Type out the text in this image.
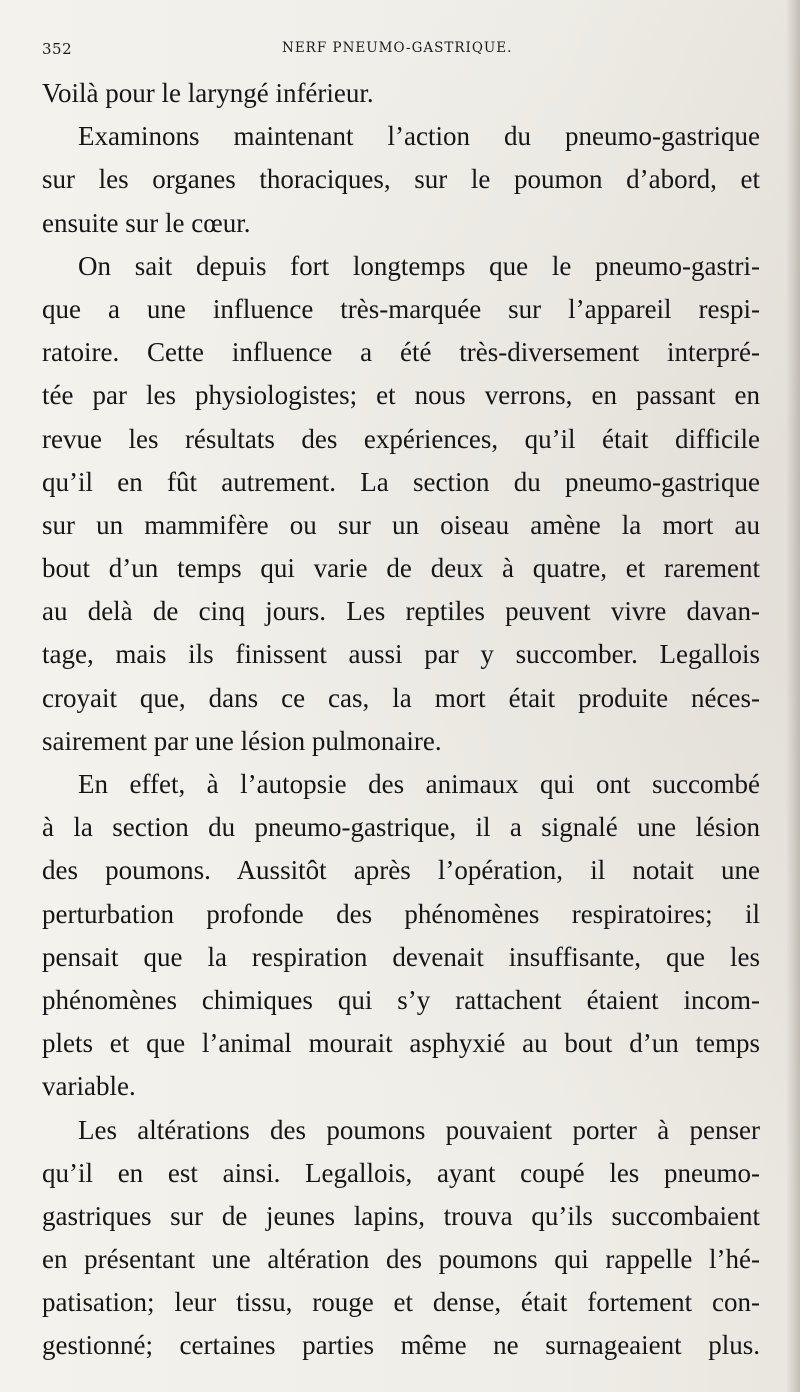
352	NERF PNEUMO-GASTRIQUE.
Voilà pour le laryngé inférieur.
Examinons maintenant l’action du pneumo-gastrique
sur les organes thoraciques, sur le poumon d’abord, et
ensuite sur le cœur.
On sait depuis fort longtemps que le pneumo-gastri-
que a une influence très-marquée sur l’appareil respi-
ratoire. Cette influence a été très-diversement interpré-
tée par les physiologistes; et nous verrons, en passant en
revue les résultats des expériences, qu’il était difficile
qu’il en fût autrement. La section du pneumo-gastrique
sur un mammifère ou sur un oiseau amène la mort au
bout d’un temps qui varie de deux à quatre, et rarement
au delà de cinq jours. Les reptiles peuvent vivre davan-
tage, mais ils finissent aussi par y succomber. Legallois
croyait que, dans ce cas, la mort était produite néces-
sairement par une lésion pulmonaire.
En effet, à l’autopsie des animaux qui ont succombé
à la section du pneumo-gastrique, il a signalé une lésion
des poumons. Aussitôt après l’opération, il notait une
perturbation profonde des phénomènes respiratoires; il
pensait que la respiration devenait insuffisante, que les
phénomènes chimiques qui s’y rattachent étaient incom-
plets et que l’animal mourait asphyxié au bout d’un temps
variable.
Les altérations des poumons pouvaient porter à penser
qu’il en est ainsi. Legallois, ayant coupé les pneumo-
gastriques sur de jeunes lapins, trouva qu’ils succombaient
en présentant une altération des poumons qui rappelle l’hé-
patisation; leur tissu, rouge et dense, était fortement con-
gestionné; certaines parties même ne surnageaient plus.
